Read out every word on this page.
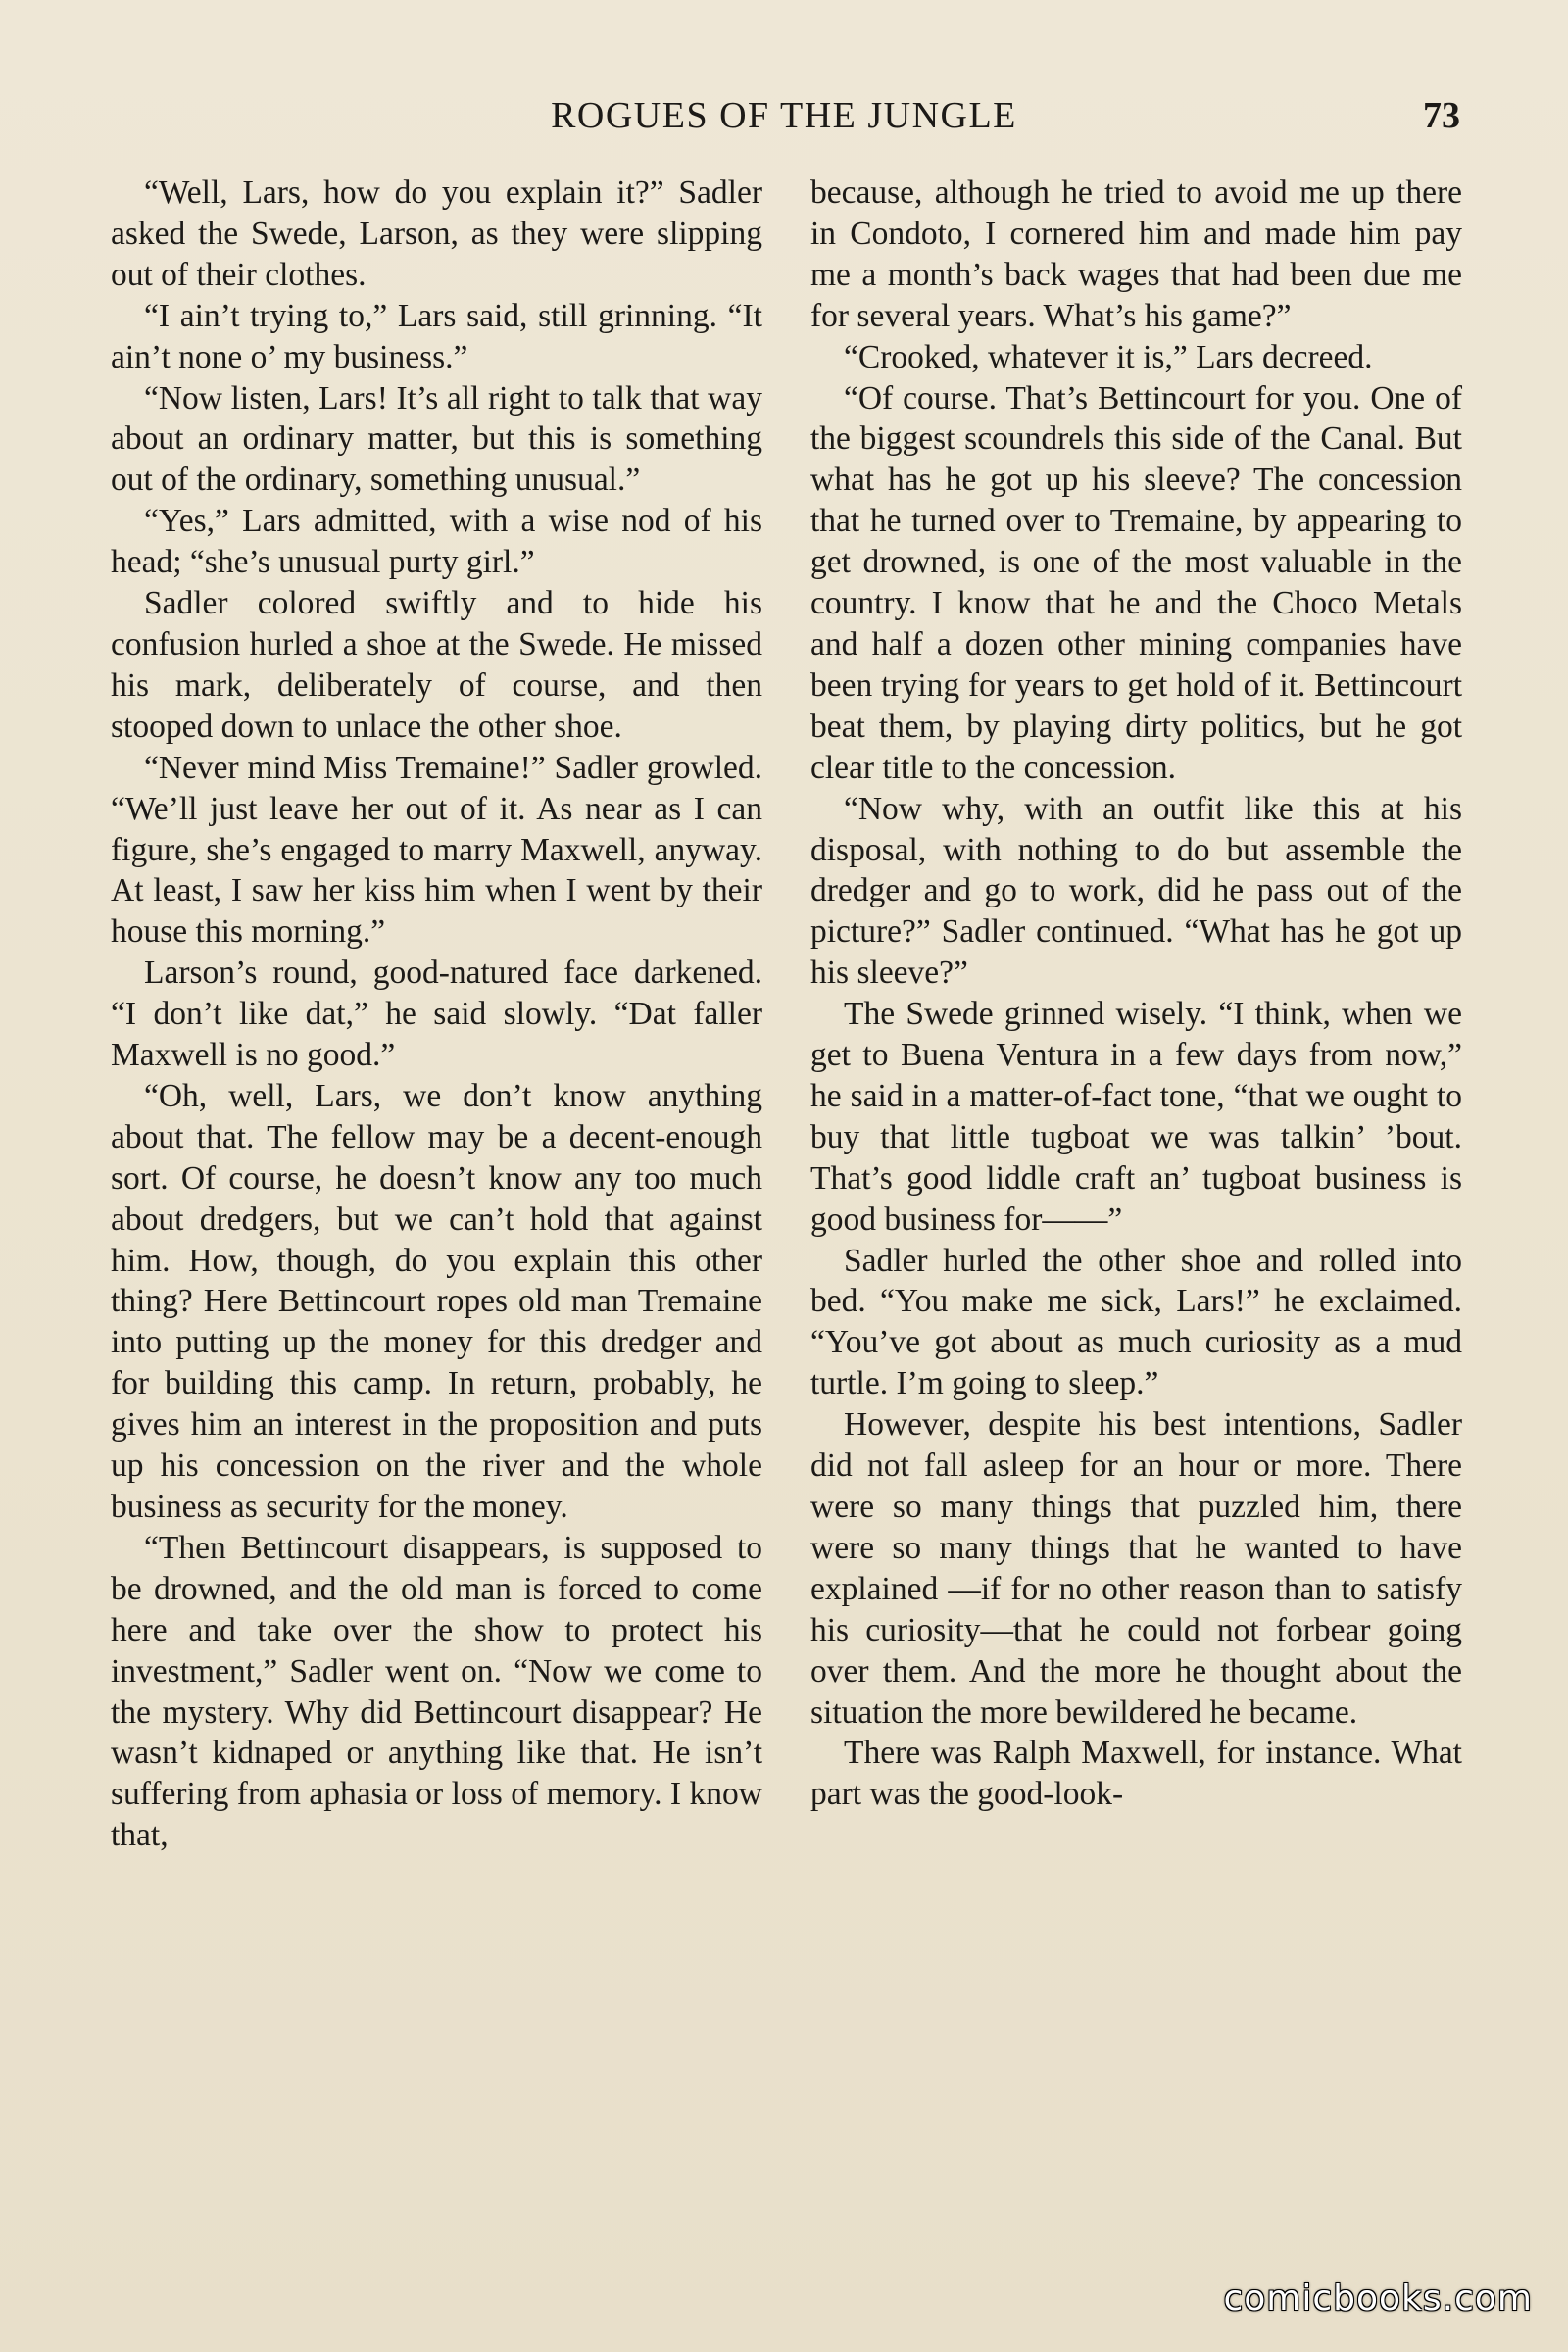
ROGUES OF THE JUNGLE	73

“Well, Lars, how do you explain it?” Sadler asked the Swede, Larson, as they were slipping out of their clothes.

“I ain’t trying to,” Lars said, still grinning. “It ain’t none o’ my business.”

“Now listen, Lars! It’s all right to talk that way about an ordinary matter, but this is something out of the ordinary, something unusual.”

“Yes,” Lars admitted, with a wise nod of his head; “she’s unusual purty girl.”

Sadler colored swiftly and to hide his confusion hurled a shoe at the Swede. He missed his mark, deliberately of course, and then stooped down to unlace the other shoe.

“Never mind Miss Tremaine!” Sadler growled. “We’ll just leave her out of it. As near as I can figure, she’s engaged to marry Maxwell, anyway. At least, I saw her kiss him when I went by their house this morning.”

Larson’s round, good-natured face darkened. “I don’t like dat,” he said slowly. “Dat faller Maxwell is no good.”

“Oh, well, Lars, we don’t know anything about that. The fellow may be a decent-enough sort. Of course, he doesn’t know any too much about dredgers, but we can’t hold that against him. How, though, do you explain this other thing? Here Bettincourt ropes old man Tremaine into putting up the money for this dredger and for building this camp. In return, probably, he gives him an interest in the proposition and puts up his concession on the river and the whole business as security for the money.

“Then Bettincourt disappears, is supposed to be drowned, and the old man is forced to come here and take over the show to protect his investment,” Sadler went on. “Now we come to the mystery. Why did Bettincourt disappear? He wasn’t kidnaped or anything like that. He isn’t suffering from aphasia or loss of memory. I know that,

because, although he tried to avoid me up there in Condoto, I cornered him and made him pay me a month’s back wages that had been due me for several years. What’s his game?”

“Crooked, whatever it is,” Lars decreed.

“Of course. That’s Bettincourt for you. One of the biggest scoundrels this side of the Canal. But what has he got up his sleeve? The concession that he turned over to Tremaine, by appearing to get drowned, is one of the most valuable in the country. I know that he and the Choco Metals and half a dozen other mining companies have been trying for years to get hold of it. Bettincourt beat them, by playing dirty politics, but he got clear title to the concession.

“Now why, with an outfit like this at his disposal, with nothing to do but assemble the dredger and go to work, did he pass out of the picture?” Sadler continued. “What has he got up his sleeve?”

The Swede grinned wisely. “I think, when we get to Buena Ventura in a few days from now,” he said in a matter-of-fact tone, “that we ought to buy that little tugboat we was talkin’ ’bout. That’s good liddle craft an’ tugboat business is good business for——”

Sadler hurled the other shoe and rolled into bed. “You make me sick, Lars!” he exclaimed. “You’ve got about as much curiosity as a mud turtle. I’m going to sleep.”

However, despite his best intentions, Sadler did not fall asleep for an hour or more. There were so many things that puzzled him, there were so many things that he wanted to have explained —if for no other reason than to satisfy his curiosity—that he could not forbear going over them. And the more he thought about the situation the more bewildered he became.

There was Ralph Maxwell, for instance. What part was the good-look-

comicbooks.com
